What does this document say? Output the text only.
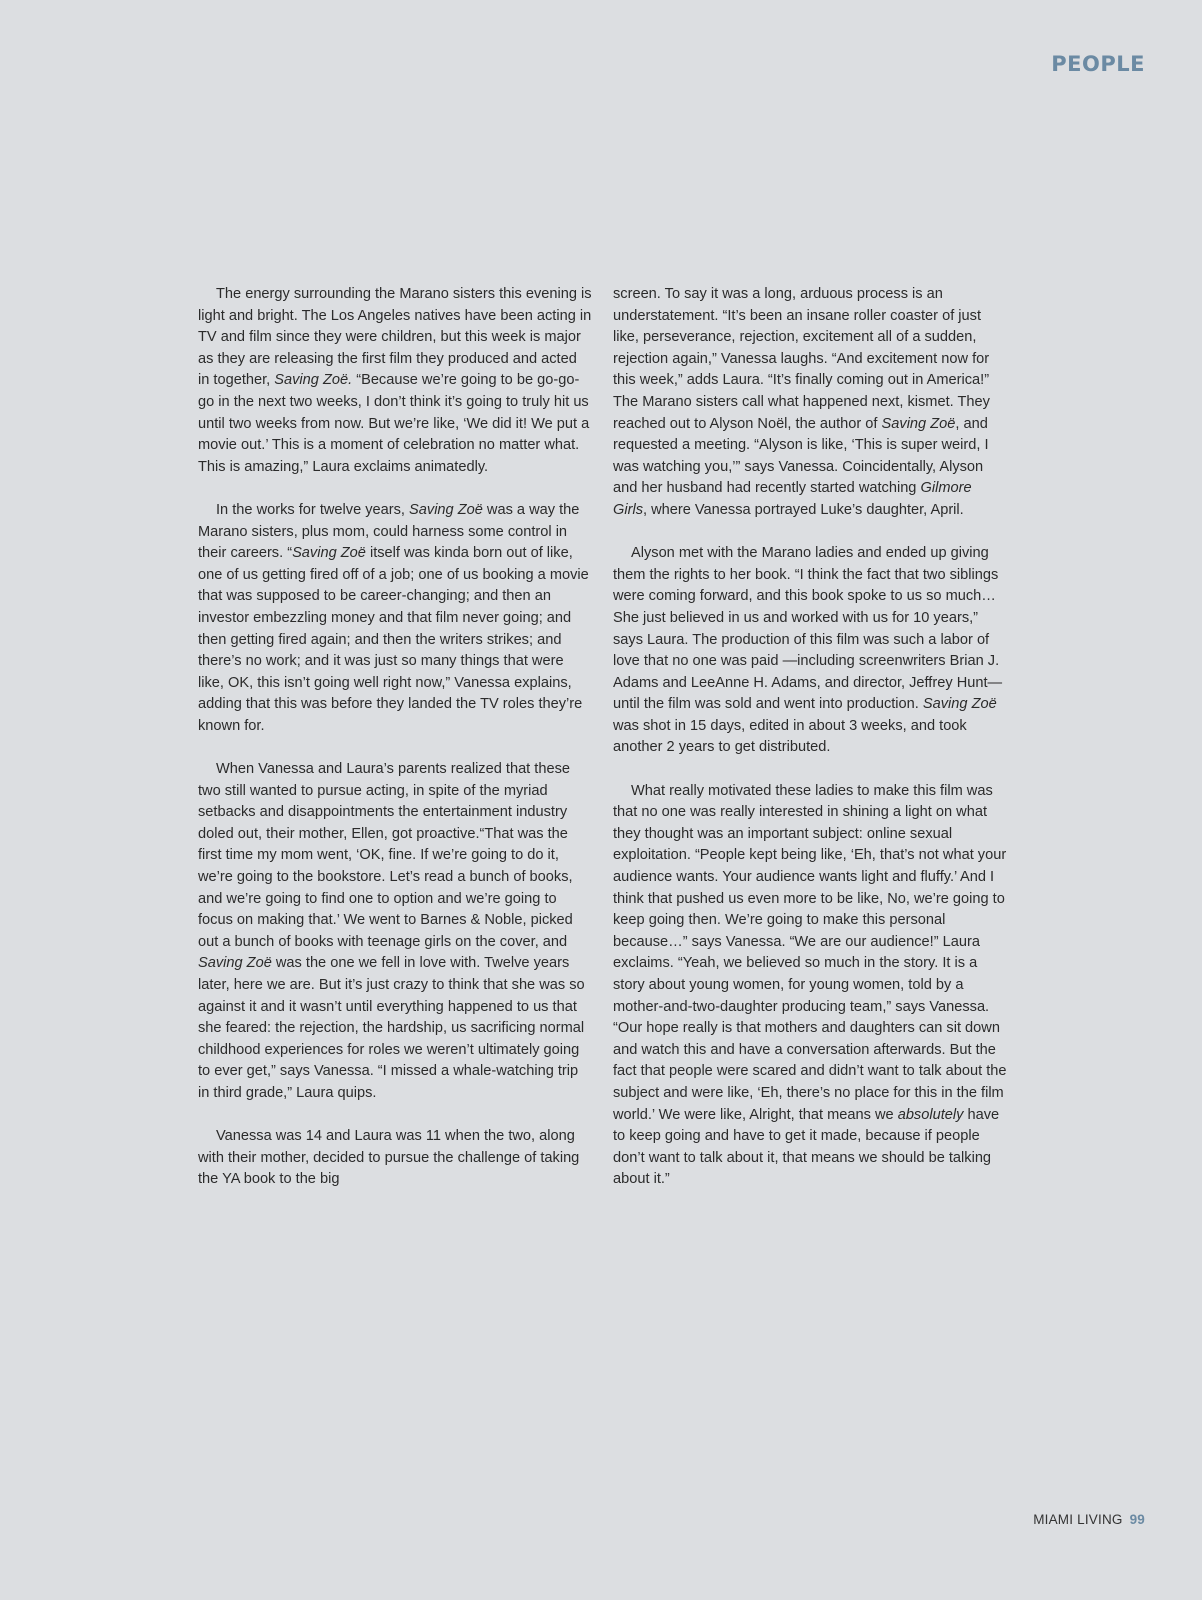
PEOPLE

The energy surrounding the Marano sisters this evening is light and bright. The Los Angeles natives have been acting in TV and film since they were children, but this week is major as they are releasing the first film they produced and acted in together, Saving Zoë. “Because we’re going to be go-go-go in the next two weeks, I don’t think it’s going to truly hit us until two weeks from now. But we’re like, ‘We did it! We put a movie out.’ This is a moment of celebration no matter what. This is amazing,” Laura exclaims animatedly.

In the works for twelve years, Saving Zoë was a way the Marano sisters, plus mom, could harness some control in their careers. “Saving Zoë itself was kinda born out of like, one of us getting fired off of a job; one of us booking a movie that was supposed to be career-changing; and then an investor embezzling money and that film never going; and then getting fired again; and then the writers strikes; and there’s no work; and it was just so many things that were like, OK, this isn’t going well right now,” Vanessa explains, adding that this was before they landed the TV roles they’re known for.

When Vanessa and Laura’s parents realized that these two still wanted to pursue acting, in spite of the myriad setbacks and disappointments the entertainment industry doled out, their mother, Ellen, got proactive.“That was the first time my mom went, ‘OK, fine. If we’re going to do it, we’re going to the bookstore. Let’s read a bunch of books, and we’re going to find one to option and we’re going to focus on making that.’ We went to Barnes & Noble, picked out a bunch of books with teenage girls on the cover, and Saving Zoë was the one we fell in love with. Twelve years later, here we are. But it’s just crazy to think that she was so against it and it wasn’t until everything happened to us that she feared: the rejection, the hardship, us sacrificing normal childhood experiences for roles we weren’t ultimately going to ever get,” says Vanessa. “I missed a whale-watching trip in third grade,” Laura quips.

Vanessa was 14 and Laura was 11 when the two, along with their mother, decided to pursue the challenge of taking the YA book to the big

screen. To say it was a long, arduous process is an understatement. “It’s been an insane roller coaster of just like, perseverance, rejection, excitement all of a sudden, rejection again,” Vanessa laughs. “And excitement now for this week,” adds Laura. “It’s finally coming out in America!” The Marano sisters call what happened next, kismet. They reached out to Alyson Noël, the author of Saving Zoë, and requested a meeting. “Alyson is like, ‘This is super weird, I was watching you,’” says Vanessa. Coincidentally, Alyson and her husband had recently started watching Gilmore Girls, where Vanessa portrayed Luke’s daughter, April.

Alyson met with the Marano ladies and ended up giving them the rights to her book. “I think the fact that two siblings were coming forward, and this book spoke to us so much… She just believed in us and worked with us for 10 years,” says Laura. The production of this film was such a labor of love that no one was paid —including screenwriters Brian J. Adams and LeeAnne H. Adams, and director, Jeffrey Hunt— until the film was sold and went into production. Saving Zoë was shot in 15 days, edited in about 3 weeks, and took another 2 years to get distributed.

What really motivated these ladies to make this film was that no one was really interested in shining a light on what they thought was an important subject: online sexual exploitation. “People kept being like, ‘Eh, that’s not what your audience wants. Your audience wants light and fluffy.’ And I think that pushed us even more to be like, No, we’re going to keep going then. We’re going to make this personal because…” says Vanessa. “We are our audience!” Laura exclaims. “Yeah, we believed so much in the story. It is a story about young women, for young women, told by a mother-and-two-daughter producing team,” says Vanessa. “Our hope really is that mothers and daughters can sit down and watch this and have a conversation afterwards. But the fact that people were scared and didn’t want to talk about the subject and were like, ‘Eh, there’s no place for this in the film world.’ We were like, Alright, that means we absolutely have to keep going and have to get it made, because if people don’t want to talk about it, that means we should be talking about it.”

MIAMI LIVING 99
